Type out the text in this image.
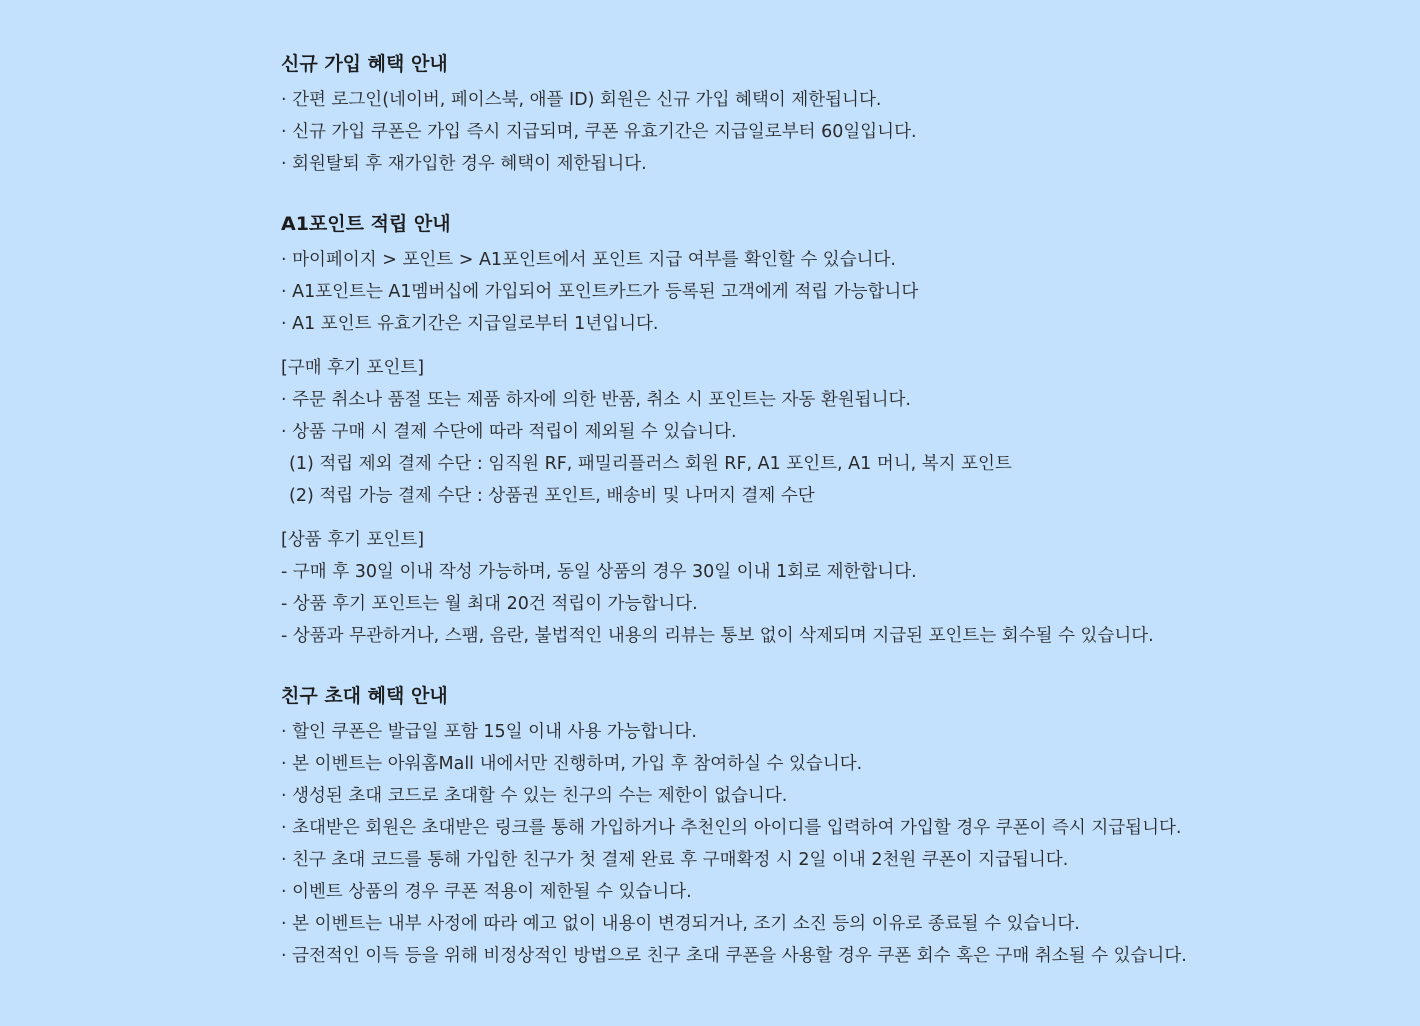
신규 가입 혜택 안내
· 간편 로그인(네이버, 페이스북, 애플 ID) 회원은 신규 가입 혜택이 제한됩니다.
· 신규 가입 쿠폰은 가입 즉시 지급되며, 쿠폰 유효기간은 지급일로부터 60일입니다.
· 회원탈퇴 후 재가입한 경우 혜택이 제한됩니다.
A1포인트 적립 안내
· 마이페이지 > 포인트 > A1포인트에서 포인트 지급 여부를 확인할 수 있습니다.
· A1포인트는 A1멤버십에 가입되어 포인트카드가 등록된 고객에게 적립 가능합니다
· A1 포인트 유효기간은 지급일로부터 1년입니다.
[구매 후기 포인트]
· 주문 취소나 품절 또는 제품 하자에 의한 반품, 취소 시 포인트는 자동 환원됩니다.
· 상품 구매 시 결제 수단에 따라 적립이 제외될 수 있습니다.
(1) 적립 제외 결제 수단 : 임직원 RF, 패밀리플러스 회원 RF, A1 포인트, A1 머니, 복지 포인트
(2) 적립 가능 결제 수단 : 상품권 포인트, 배송비 및 나머지 결제 수단
[상품 후기 포인트]
- 구매 후 30일 이내 작성 가능하며, 동일 상품의 경우 30일 이내 1회로 제한합니다.
- 상품 후기 포인트는 월 최대 20건 적립이 가능합니다.
- 상품과 무관하거나, 스팸, 음란, 불법적인 내용의 리뷰는 통보 없이 삭제되며 지급된 포인트는 회수될 수 있습니다.
친구 초대 혜택 안내
· 할인 쿠폰은 발급일 포함 15일 이내 사용 가능합니다.
· 본 이벤트는 아워홈Mall 내에서만 진행하며, 가입 후 참여하실 수 있습니다.
· 생성된 초대 코드로 초대할 수 있는 친구의 수는 제한이 없습니다.
· 초대받은 회원은 초대받은 링크를 통해 가입하거나 추천인의 아이디를 입력하여 가입할 경우 쿠폰이 즉시 지급됩니다.
· 친구 초대 코드를 통해 가입한 친구가 첫 결제 완료 후 구매확정 시 2일 이내 2천원 쿠폰이 지급됩니다.
· 이벤트 상품의 경우 쿠폰 적용이 제한될 수 있습니다.
· 본 이벤트는 내부 사정에 따라 예고 없이 내용이 변경되거나, 조기 소진 등의 이유로 종료될 수 있습니다.
· 금전적인 이득 등을 위해 비정상적인 방법으로 친구 초대 쿠폰을 사용할 경우 쿠폰 회수 혹은 구매 취소될 수 있습니다.
